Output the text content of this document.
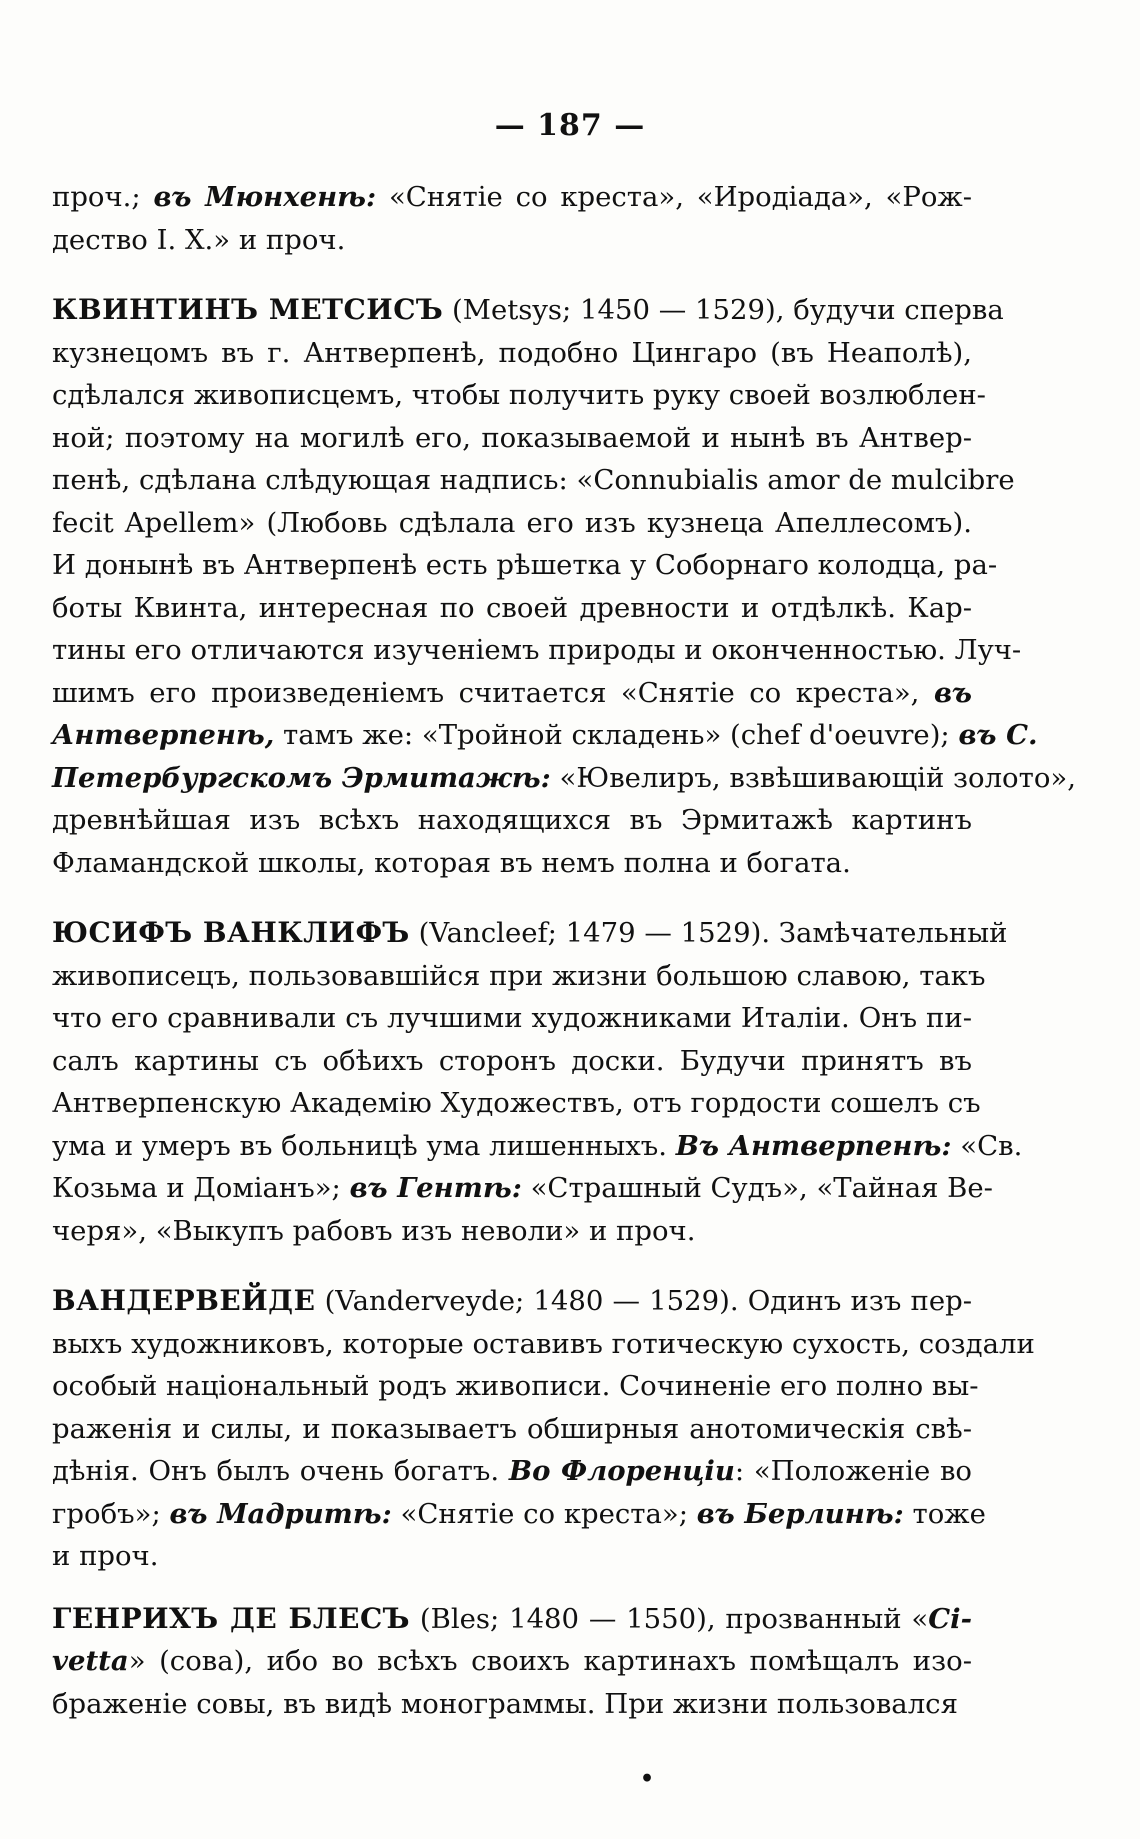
— 187 —
проч.; въ Мюнхенѣ: «Снятіе со креста», «Иродіада», «Рож-
дество І. Х.» и проч.
КВИНТИНЪ МЕТСИСЪ (Metsys; 1450 — 1529), будучи сперва
кузнецомъ въ г. Антверпенѣ, подобно Цингаро (въ Неаполѣ),
сдѣлался живописцемъ, чтобы получить руку своей возлюблен-
ной; поэтому на могилѣ его, показываемой и нынѣ въ Антвер-
пенѣ, сдѣлана слѣдующая надпись: «Connubialis amor de mulcibre
fecit Apellem» (Любовь сдѣлала его изъ кузнеца Апеллесомъ).
И донынѣ въ Антверпенѣ есть рѣшетка у Соборнаго колодца, ра-
боты Квинта, интересная по своей древности и отдѣлкѣ. Кар-
тины его отличаются изученіемъ природы и оконченностью. Луч-
шимъ его произведеніемъ считается «Снятіе со креста», въ
Антверпенѣ, тамъ же: «Тройной складень» (chef d'oeuvre); въ С.
Петербургскомъ Эрмитажѣ: «Ювелиръ, взвѣшивающій золото»,
древнѣйшая изъ всѣхъ находящихся въ Эрмитажѣ картинъ
Фламандской школы, которая въ немъ полна и богата.
ЮСИФЪ ВАНКЛИФЪ (Vancleef; 1479 — 1529). Замѣчательный
живописецъ, пользовавшійся при жизни большою славою, такъ
что его сравнивали съ лучшими художниками Италіи. Онъ пи-
салъ картины съ обѣихъ сторонъ доски. Будучи принятъ въ
Антверпенскую Академію Художествъ, отъ гордости сошелъ съ
ума и умеръ въ больницѣ ума лишенныхъ. Въ Антверпенѣ: «Св.
Козьма и Доміанъ»; въ Гентѣ: «Страшный Судъ», «Тайная Ве-
черя», «Выкупъ рабовъ изъ неволи» и проч.
ВАНДЕРВЕЙДЕ (Vanderveyde; 1480 — 1529). Одинъ изъ пер-
выхъ художниковъ, которые оставивъ готическую сухость, создали
особый національный родъ живописи. Сочиненіе его полно вы-
раженія и силы, и показываетъ обширныя анотомическія свѣ-
дѣнія. Онъ былъ очень богатъ. Во Флоренціи: «Положеніе во
гробъ»; въ Мадритѣ: «Снятіе со креста»; въ Берлинѣ: тоже
и проч.
ГЕНРИХЪ ДЕ БЛЕСЪ (Bles; 1480 — 1550), прозванный «Ci-
vetta» (сова), ибо во всѣхъ своихъ картинахъ помѣщалъ изо-
браженіе совы, въ видѣ монограммы. При жизни пользовался
•
